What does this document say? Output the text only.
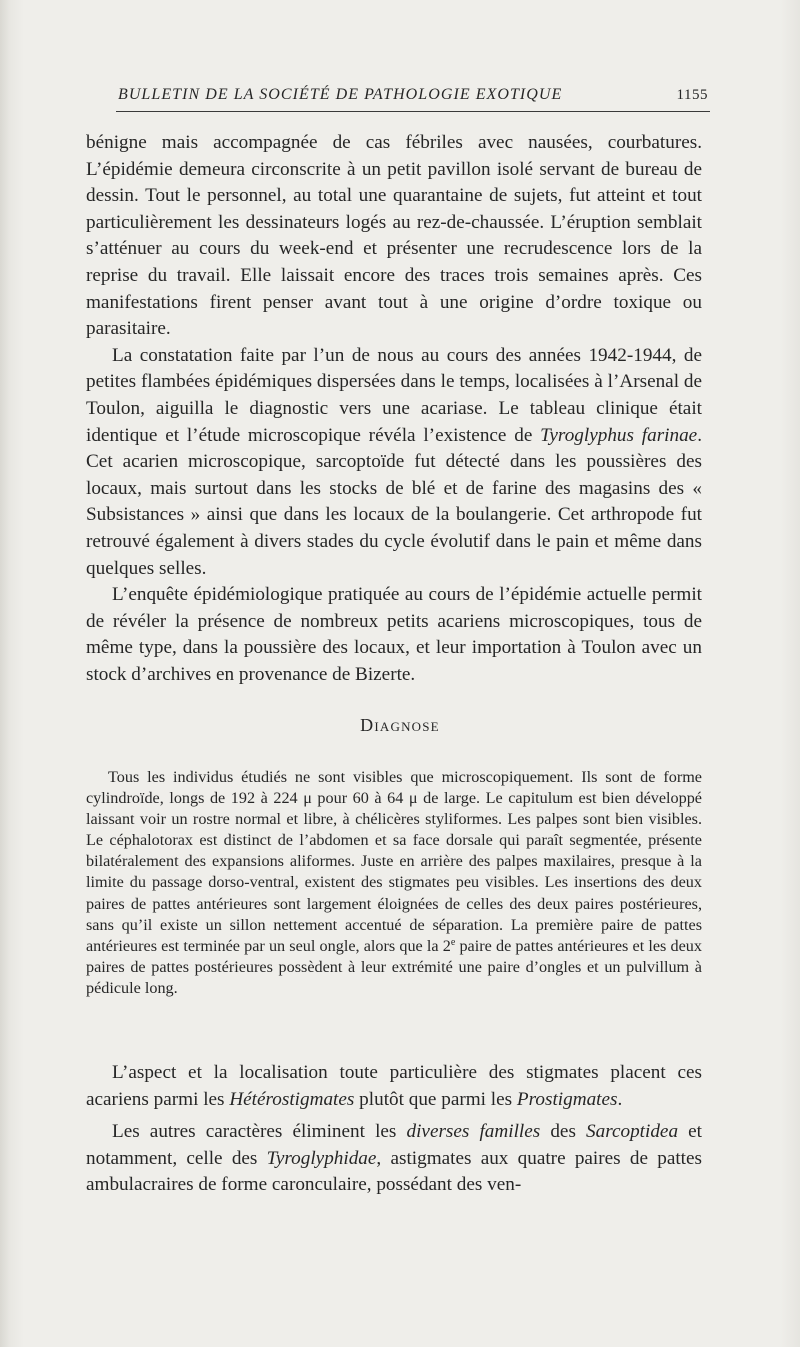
BULLETIN DE LA SOCIÉTÉ DE PATHOLOGIE EXOTIQUE	1155

bénigne mais accompagnée de cas fébriles avec nausées, courbatures. L’épidémie demeura circonscrite à un petit pavillon isolé servant de bureau de dessin. Tout le personnel, au total une quarantaine de sujets, fut atteint et tout particulièrement les dessinateurs logés au rez-de-chaussée. L’éruption semblait s’atténuer au cours du week-end et présenter une recrudescence lors de la reprise du travail. Elle laissait encore des traces trois semaines après. Ces manifestations firent penser avant tout à une origine d’ordre toxique ou parasitaire.

La constatation faite par l’un de nous au cours des années 1942-1944, de petites flambées épidémiques dispersées dans le temps, localisées à l’Arsenal de Toulon, aiguilla le diagnostic vers une acariase. Le tableau clinique était identique et l’étude microscopique révéla l’existence de Tyroglyphus farinae. Cet acarien microscopique, sarcoptoïde fut détecté dans les poussières des locaux, mais surtout dans les stocks de blé et de farine des magasins des « Subsistances » ainsi que dans les locaux de la boulangerie. Cet arthropode fut retrouvé également à divers stades du cycle évolutif dans le pain et même dans quelques selles.

L’enquête épidémiologique pratiquée au cours de l’épidémie actuelle permit de révéler la présence de nombreux petits acariens microscopiques, tous de même type, dans la poussière des locaux, et leur importation à Toulon avec un stock d’archives en provenance de Bizerte.

Diagnose

Tous les individus étudiés ne sont visibles que microscopiquement. Ils sont de forme cylindroïde, longs de 192 à 224 μ pour 60 à 64 μ de large. Le capitulum est bien développé laissant voir un rostre normal et libre, à chélicères styliformes. Les palpes sont bien visibles. Le céphalotorax est distinct de l’abdomen et sa face dorsale qui paraît segmentée, présente bilatéralement des expansions aliformes. Juste en arrière des palpes maxilaires, presque à la limite du passage dorso-ventral, existent des stigmates peu visibles. Les insertions des deux paires de pattes antérieures sont largement éloignées de celles des deux paires postérieures, sans qu’il existe un sillon nettement accentué de séparation. La première paire de pattes antérieures est terminée par un seul ongle, alors que la 2e paire de pattes antérieures et les deux paires de pattes postérieures possèdent à leur extrémité une paire d’ongles et un pulvillum à pédicule long.

L’aspect et la localisation toute particulière des stigmates placent ces acariens parmi les Hétérostigmates plutôt que parmi les Prostigmates.

Les autres caractères éliminent les diverses familles des Sarcoptidea et notamment, celle des Tyroglyphidae, astigmates aux quatre paires de pattes ambulacraires de forme caronculaire, possédant des ven-
